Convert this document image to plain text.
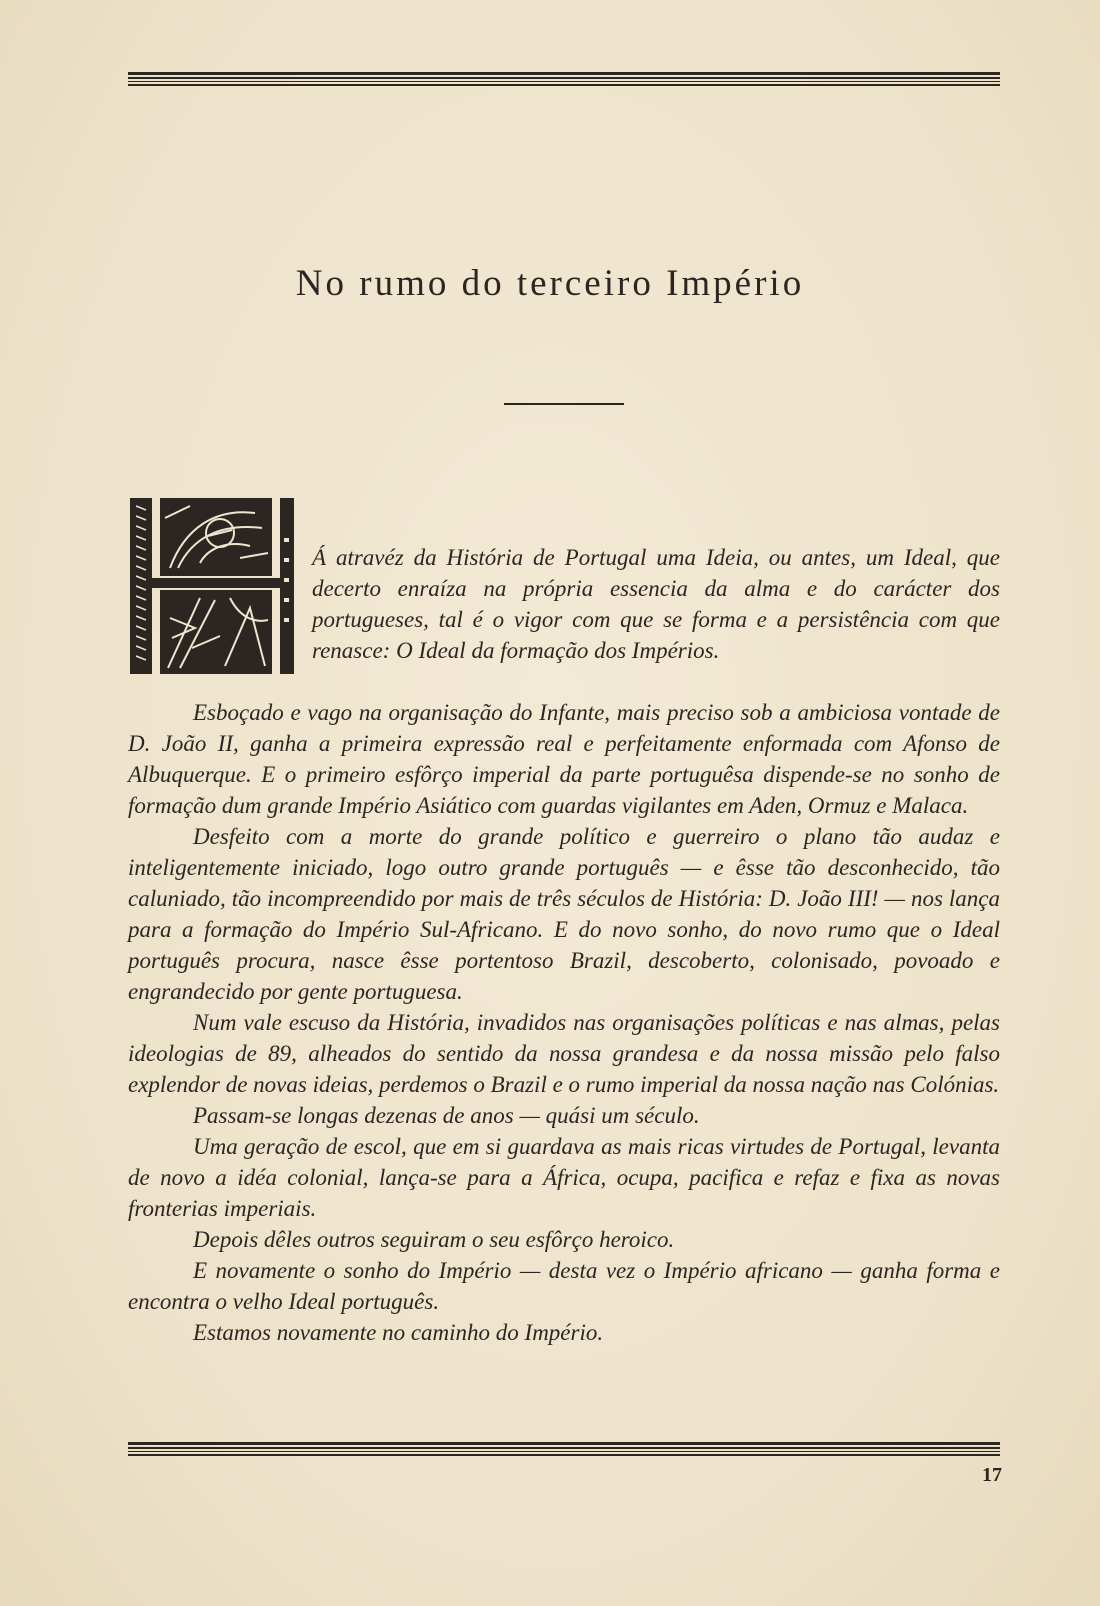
No rumo do terceiro Império
Á atravéz da História de Portugal uma Ideia, ou antes, um Ideal, que decerto enraíza na própria essencia da alma e do carácter dos portugueses, tal é o vigor com que se forma e a persistência com que renasce: O Ideal da formação dos Impérios.

Esboçado e vago na organisação do Infante, mais preciso sob a ambiciosa vontade de D. João II, ganha a primeira expressão real e perfeitamente enformada com Afonso de Albuquerque. E o primeiro esfôrço imperial da parte portuguêsa dispende-se no sonho de formação dum grande Império Asiático com guardas vigilantes em Aden, Ormuz e Malaca.

Desfeito com a morte do grande político e guerreiro o plano tão audaz e inteligentemente iniciado, logo outro grande português — e êsse tão desconhecido, tão caluniado, tão incompreendido por mais de três séculos de História: D. João III! — nos lança para a formação do Império Sul-Africano. E do novo sonho, do novo rumo que o Ideal português procura, nasce êsse portentoso Brazil, descoberto, colonisado, povoado e engrandecido por gente portuguesa.

Num vale escuso da História, invadidos nas organisações políticas e nas almas, pelas ideologias de 89, alheados do sentido da nossa grandesa e da nossa missão pelo falso explendor de novas ideias, perdemos o Brazil e o rumo imperial da nossa nação nas Colónias.

Passam-se longas dezenas de anos — quási um século.

Uma geração de escol, que em si guardava as mais ricas virtudes de Portugal, levanta de novo a idéa colonial, lança-se para a África, ocupa, pacifica e refaz e fixa as novas fronterias imperiais.

Depois dêles outros seguiram o seu esfôrço heroico.

E novamente o sonho do Império — desta vez o Império africano — ganha forma e encontra o velho Ideal português.

Estamos novamente no caminho do Império.

17
